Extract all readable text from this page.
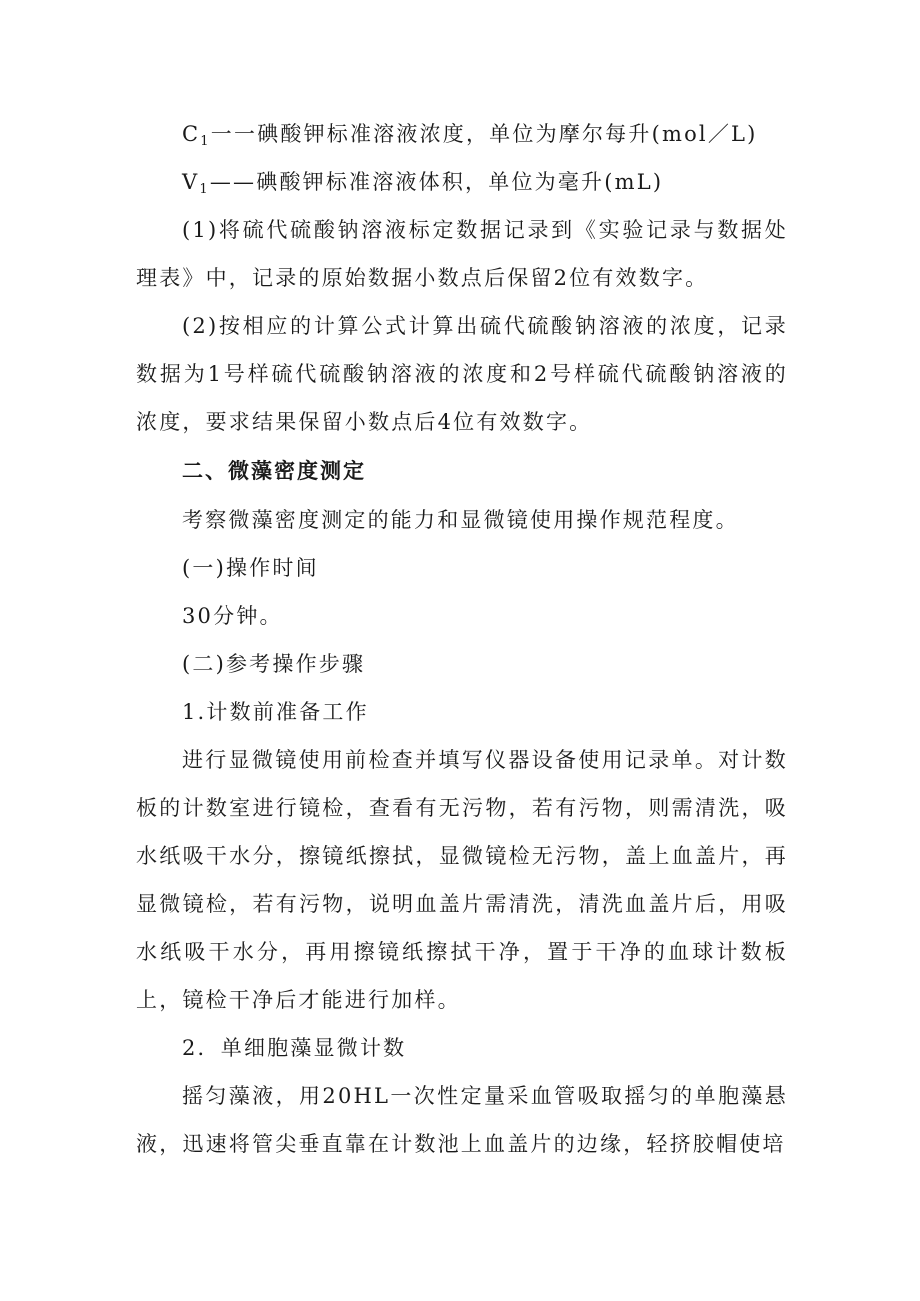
$C_1$一一碘酸钾标准溶液浓度，单位为摩尔每升(mol／L)

$V_1——$碘酸钾标准溶液体积，单位为毫升(mL)

(1)将硫代硫酸钠溶液标定数据记录到《实验记录与数据处理表》中，记录的原始数据小数点后保留2位有效数字。

(2)按相应的计算公式计算出硫代硫酸钠溶液的浓度，记录数据为1号样硫代硫酸钠溶液的浓度和2号样硫代硫酸钠溶液的浓度，要求结果保留小数点后4位有效数字。

二、微藻密度测定

考察微藻密度测定的能力和显微镜使用操作规范程度。

(一)操作时间

30分钟。

(二)参考操作步骤

1.计数前准备工作

进行显微镜使用前检查并填写仪器设备使用记录单。对计数板的计数室进行镜检，查看有无污物，若有污物，则需清洗，吸水纸吸干水分，擦镜纸擦拭，显微镜检无污物，盖上血盖片，再显微镜检，若有污物，说明血盖片需清洗，清洗血盖片后，用吸水纸吸干水分，再用擦镜纸擦拭干净，置于干净的血球计数板上，镜检干净后才能进行加样。

2．单细胞藻显微计数

摇匀藻液，用20HL一次性定量采血管吸取摇匀的单胞藻悬液，迅速将管尖垂直靠在计数池上血盖片的边缘，轻挤胶帽使培
